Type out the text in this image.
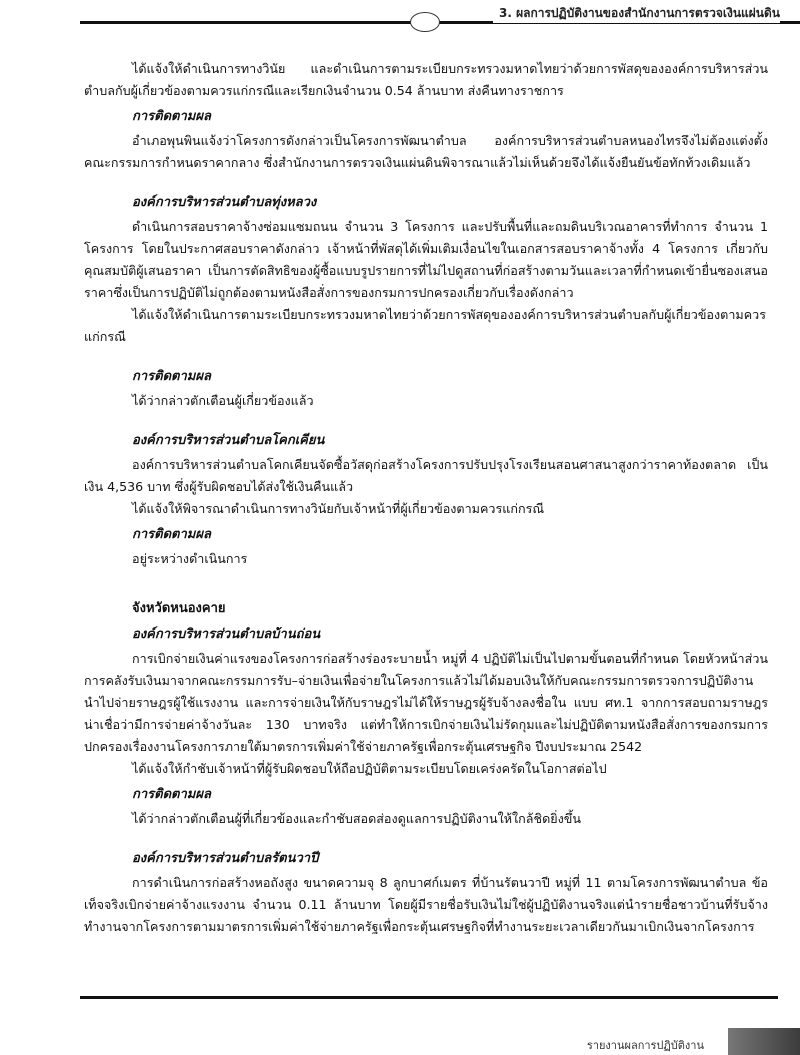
3. ผลการปฏิบัติงานของสำนักงานการตรวจเงินแผ่นดิน

ได้แจ้งให้ดำเนินการทางวินัย และดำเนินการตามระเบียบกระทรวงมหาดไทยว่าด้วยการพัสดุขององค์การบริหารส่วนตำบลกับผู้เกี่ยวข้องตามควรแก่กรณีและเรียกเงินจำนวน 0.54 ล้านบาท ส่งคืนทางราชการ

การติดตามผล

อำเภอพุนพินแจ้งว่าโครงการดังกล่าวเป็นโครงการพัฒนาตำบล องค์การบริหารส่วนตำบลหนองไทรจึงไม่ต้องแต่งตั้งคณะกรรมการกำหนดราคากลาง ซึ่งสำนักงานการตรวจเงินแผ่นดินพิจารณาแล้วไม่เห็นด้วยจึงได้แจ้งยืนยันข้อทักท้วงเดิมแล้ว

องค์การบริหารส่วนตำบลทุ่งหลวง

ดำเนินการสอบราคาจ้างซ่อมแซมถนน จำนวน 3 โครงการ และปรับพื้นที่และถมดินบริเวณอาคารที่ทำการ จำนวน 1 โครงการ โดยในประกาศสอบราคาดังกล่าว เจ้าหน้าที่พัสดุได้เพิ่มเติมเงื่อนไขในเอกสารสอบราคาจ้างทั้ง 4 โครงการ เกี่ยวกับคุณสมบัติผู้เสนอราคา เป็นการตัดสิทธิของผู้ซื้อแบบรูปรายการที่ไม่ไปดูสถานที่ก่อสร้างตามวันและเวลาที่กำหนดเข้ายื่นซองเสนอราคาซึ่งเป็นการปฏิบัติไม่ถูกต้องตามหนังสือสั่งการของกรมการปกครองเกี่ยวกับเรื่องดังกล่าว

ได้แจ้งให้ดำเนินการตามระเบียบกระทรวงมหาดไทยว่าด้วยการพัสดุขององค์การบริหารส่วนตำบลกับผู้เกี่ยวข้องตามควรแก่กรณี

การติดตามผล

ได้ว่ากล่าวตักเตือนผู้เกี่ยวข้องแล้ว

องค์การบริหารส่วนตำบลโคกเคียน

องค์การบริหารส่วนตำบลโคกเคียนจัดซื้อวัสดุก่อสร้างโครงการปรับปรุงโรงเรียนสอนศาสนาสูงกว่าราคาท้องตลาด เป็นเงิน 4,536 บาท ซึ่งผู้รับผิดชอบได้ส่งใช้เงินคืนแล้ว

ได้แจ้งให้พิจารณาดำเนินการทางวินัยกับเจ้าหน้าที่ผู้เกี่ยวข้องตามควรแก่กรณี

การติดตามผล

อยู่ระหว่างดำเนินการ

จังหวัดหนองคาย
องค์การบริหารส่วนตำบลบ้านถ่อน

การเบิกจ่ายเงินค่าแรงของโครงการก่อสร้างร่องระบายน้ำ หมู่ที่ 4 ปฏิบัติไม่เป็นไปตามขั้นตอนที่กำหนด โดยหัวหน้าส่วนการคลังรับเงินมาจากคณะกรรมการรับ–จ่ายเงินเพื่อจ่ายในโครงการแล้วไม่ได้มอบเงินให้กับคณะกรรมการตรวจการปฏิบัติงานนำไปจ่ายราษฎรผู้ใช้แรงงาน และการจ่ายเงินให้กับราษฎรไม่ได้ให้ราษฎรผู้รับจ้างลงชื่อใน แบบ ศท.1 จากการสอบถามราษฎรน่าเชื่อว่ามีการจ่ายค่าจ้างวันละ 130 บาทจริง แต่ทำให้การเบิกจ่ายเงินไม่รัดกุมและไม่ปฏิบัติตามหนังสือสั่งการของกรมการปกครองเรื่องงานโครงการภายใต้มาตรการเพิ่มค่าใช้จ่ายภาครัฐเพื่อกระตุ้นเศรษฐกิจ ปีงบประมาณ 2542

ได้แจ้งให้กำชับเจ้าหน้าที่ผู้รับผิดชอบให้ถือปฏิบัติตามระเบียบโดยเคร่งครัดในโอกาสต่อไป

การติดตามผล

ได้ว่ากล่าวตักเตือนผู้ที่เกี่ยวข้องและกำชับสอดส่องดูแลการปฏิบัติงานให้ใกล้ชิดยิ่งขึ้น

องค์การบริหารส่วนตำบลรัตนวาปี

การดำเนินการก่อสร้างหอถังสูง ขนาดความจุ 8 ลูกบาศก์เมตร ที่บ้านรัตนวาปี หมู่ที่ 11 ตามโครงการพัฒนาตำบล ข้อเท็จจริงเบิกจ่ายค่าจ้างแรงงาน จำนวน 0.11 ล้านบาท โดยผู้มีรายชื่อรับเงินไม่ใช่ผู้ปฏิบัติงานจริงแต่นำรายชื่อชาวบ้านที่รับจ้างทำงานจากโครงการตามมาตรการเพิ่มค่าใช้จ่ายภาครัฐเพื่อกระตุ้นเศรษฐกิจที่ทำงานระยะเวลาเดียวกันมาเบิกเงินจากโครงการ

รายงานผลการปฏิบัติงาน
